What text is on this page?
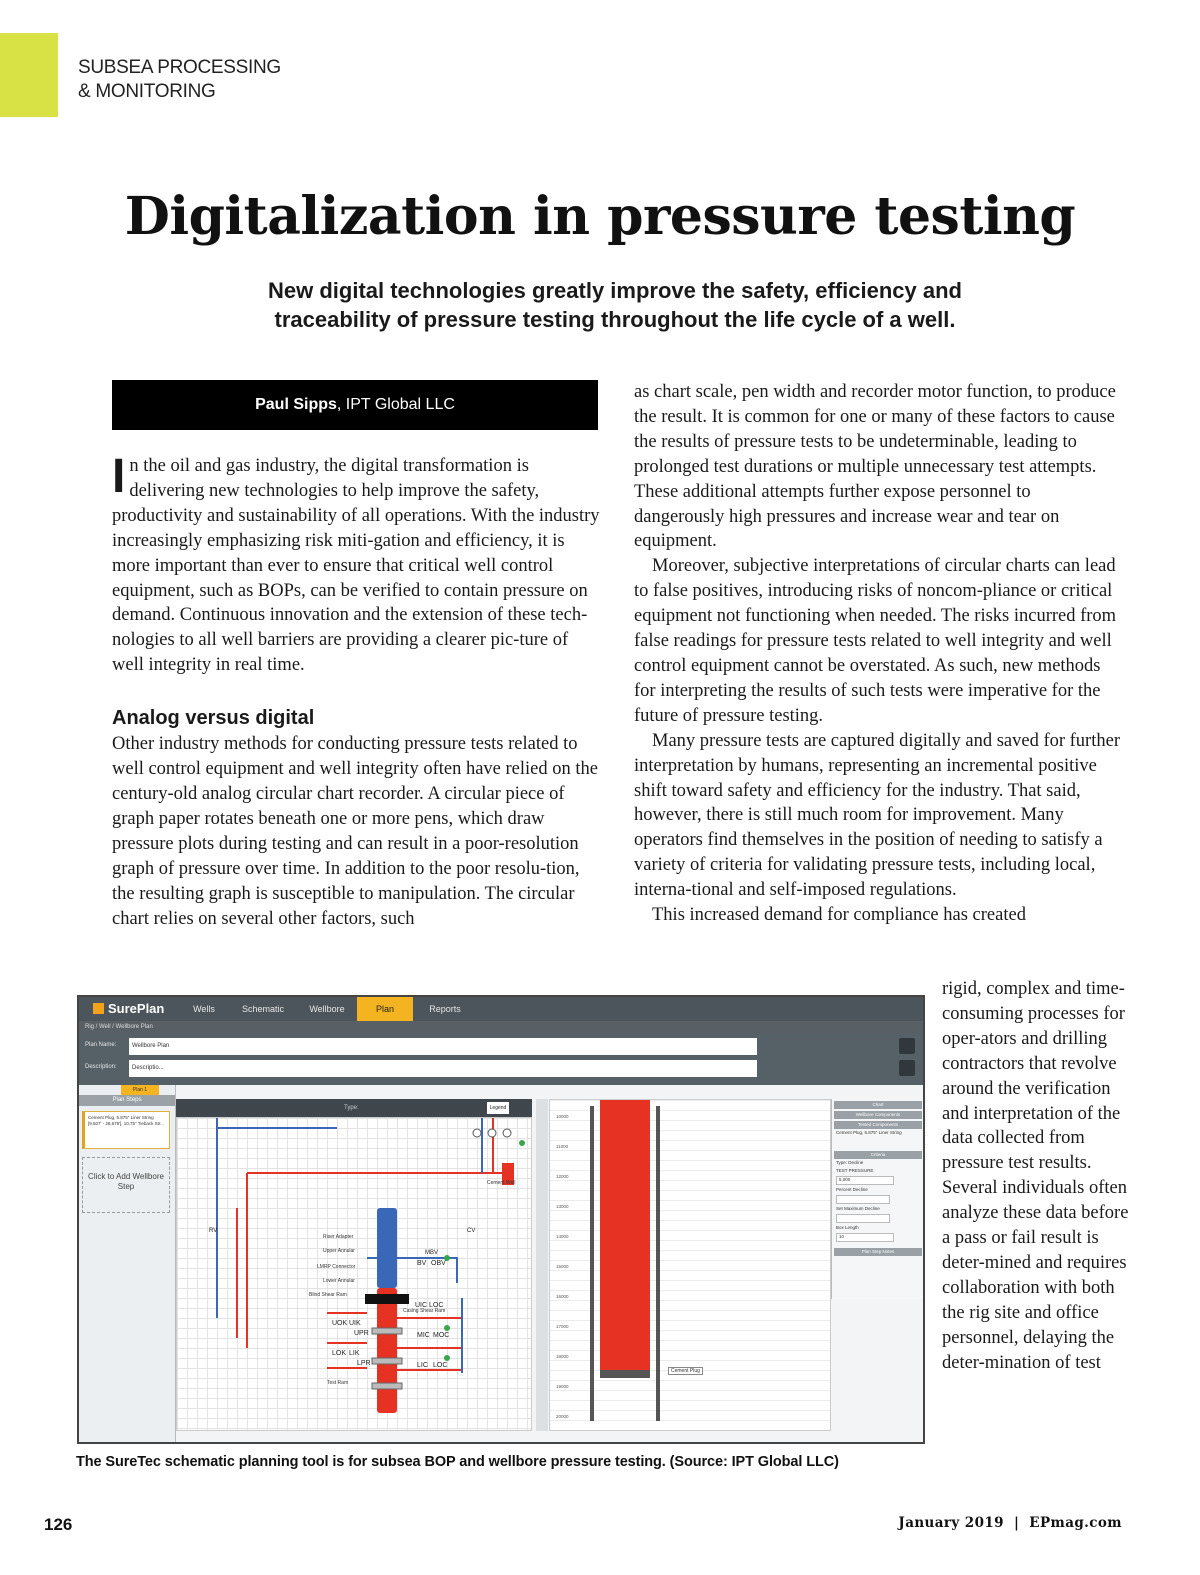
SUBSEA PROCESSING
& MONITORING
Digitalization in pressure testing
New digital technologies greatly improve the safety, efficiency and
traceability of pressure testing throughout the life cycle of a well.
Paul Sipps, IPT Global LLC

In the oil and gas industry, the digital transformation is delivering new technologies to help improve the safety, productivity and sustainability of all operations. With the industry increasingly emphasizing risk miti-gation and efficiency, it is more important than ever to ensure that critical well control equipment, such as BOPs, can be verified to contain pressure on demand. Continuous innovation and the extension of these tech-nologies to all well barriers are providing a clearer pic-ture of well integrity in real time.

Analog versus digital

Other industry methods for conducting pressure tests related to well control equipment and well integrity often have relied on the century-old analog circular chart recorder. A circular piece of graph paper rotates beneath one or more pens, which draw pressure plots during testing and can result in a poor-resolution graph of pressure over time. In addition to the poor resolu-tion, the resulting graph is susceptible to manipulation. The circular chart relies on several other factors, such

as chart scale, pen width and recorder motor function, to produce the result. It is common for one or many of these factors to cause the results of pressure tests to be undeterminable, leading to prolonged test durations or multiple unnecessary test attempts. These additional attempts further expose personnel to dangerously high pressures and increase wear and tear on equipment.

Moreover, subjective interpretations of circular charts can lead to false positives, introducing risks of noncom-pliance or critical equipment not functioning when needed. The risks incurred from false readings for pressure tests related to well integrity and well control equipment cannot be overstated. As such, new methods for interpreting the results of such tests were imperative for the future of pressure testing.

Many pressure tests are captured digitally and saved for further interpretation by humans, representing an incremental positive shift toward safety and efficiency for the industry. That said, however, there is still much room for improvement. Many operators find themselves in the position of needing to satisfy a variety of criteria for validating pressure tests, including local, interna-tional and self-imposed regulations.

This increased demand for compliance has created

rigid, complex and time-consuming processes for oper-ators and drilling contractors that revolve around the verification and interpretation of the data collected from pressure test results. Several individuals often analyze these data before a pass or fail result is deter-mined and requires collaboration with both the rig site and office personnel, delaying the deter-mination of test

SurePlan	Wells	Schematic	Wellbore	Plan	Reports
Rig / Well / Wellbore Plan
Plan Name:	Wellbore Plan
Description:	Descriptio...
Plan 1
Plan Steps
Cement Plug, 5.875" Liner String [9,507' - 28,679'], 10,75" Tieback Str...
Click to Add Wellbore Step
Type:	Legend
Riser Adapter
Upper Annular
LMRP Connector
Lower Annular
Blind Shear Ram
Casing Shear Ram
Test Ram
Cement Well
UOK UIK
UPR
LOK LIK
LPR
UIC LOC
MIC MOC
LIC LOC
BV OBV
MBV
RV	CV
Cement Plug
10000
11000
12000
13000
14000
15000
16000
17000
18000
19000
20000
Chart
Wellbore Components
Tested Components
Cement Plug, 5.875" Liner String
Criteria
Type: Decline
TEST PRESSURE
5,000
Percent Decline
Set Maximum Decline
Box Length
10
Plan Step Notes
The SureTec schematic planning tool is for subsea BOP and wellbore pressure testing. (Source: IPT Global LLC)
126	January 2019 | EPmag.com
